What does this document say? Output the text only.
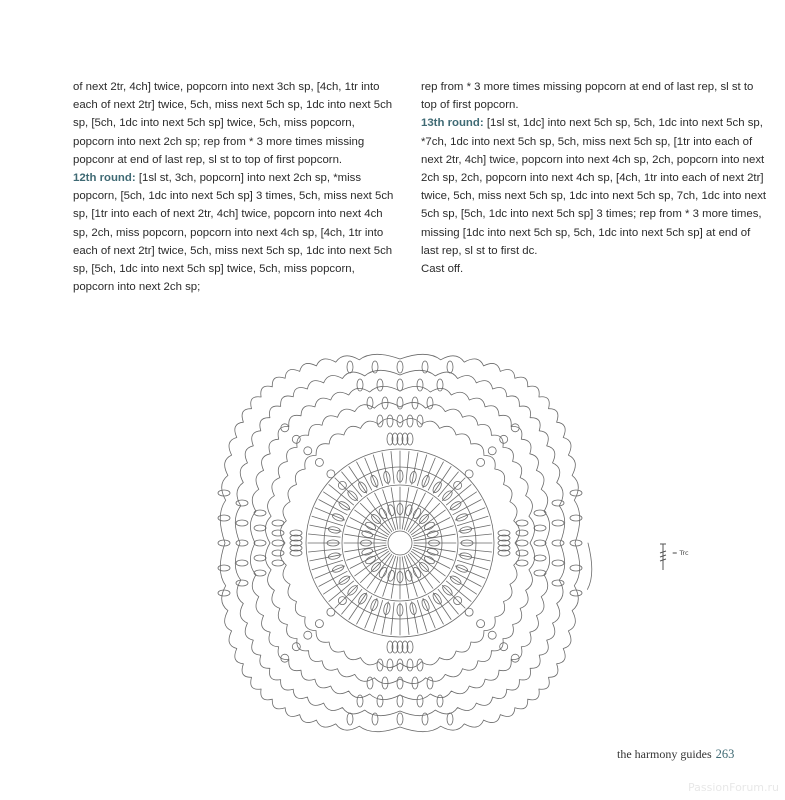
of next 2tr, 4ch] twice, popcorn into next 3ch sp, [4ch, 1tr into each of next 2tr] twice, 5ch, miss next 5ch sp, 1dc into next 5ch sp, [5ch, 1dc into next 5ch sp] twice, 5ch, miss popcorn, popcorn into next 2ch sp; rep from * 3 more times missing popconr at end of last rep, sl st to top of first popcorn.

12th round: [1sl st, 3ch, popcorn] into next 2ch sp, *miss popcorn, [5ch, 1dc into next 5ch sp] 3 times, 5ch, miss next 5ch sp, [1tr into each of next 2tr, 4ch] twice, popcorn into next 4ch sp, 2ch, miss popcorn, popcorn into next 4ch sp, [4ch, 1tr into each of next 2tr] twice, 5ch, miss next 5ch sp, 1dc into next 5ch sp, [5ch, 1dc into next 5ch sp] twice, 5ch, miss popcorn, popcorn into next 2ch sp;

rep from * 3 more times missing popcorn at end of last rep, sl st to top of first popcorn.

13th round: [1sl st, 1dc] into next 5ch sp, 5ch, 1dc into next 5ch sp, *7ch, 1dc into next 5ch sp, 5ch, miss next 5ch sp, [1tr into each of next 2tr, 4ch] twice, popcorn into next 4ch sp, 2ch, popcorn into next 2ch sp, 2ch, popcorn into next 4ch sp, [4ch, 1tr into each of next 2tr] twice, 5ch, miss next 5ch sp, 1dc into next 5ch sp, 7ch, 1dc into next 5ch sp, [5ch, 1dc into next 5ch sp] 3 times; rep from * 3 more times, missing [1dc into next 5ch sp, 5ch, 1dc into next 5ch sp] at end of last rep, sl st to first dc.

Cast off.

= Trc
the harmony guides 263
PassionForum.ru
